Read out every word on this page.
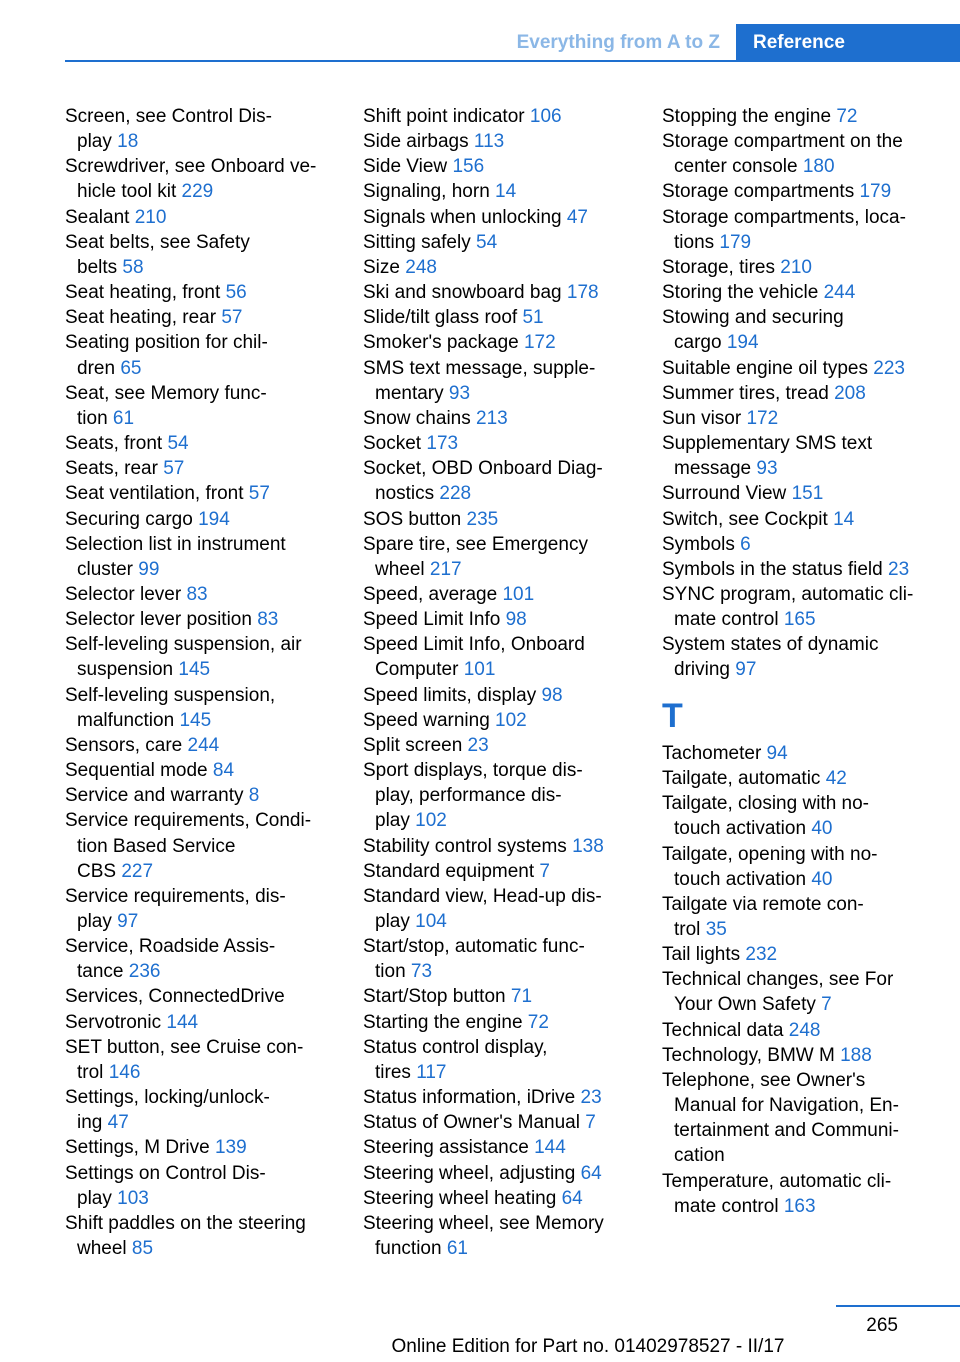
Everything from A to Z	Reference
Screen, see Control Dis-
play 18
Screwdriver, see Onboard ve-
hicle tool kit 229
Sealant 210
Seat belts, see Safety
belts 58
Seat heating, front 56
Seat heating, rear 57
Seating position for chil-
dren 65
Seat, see Memory func-
tion 61
Seats, front 54
Seats, rear 57
Seat ventilation, front 57
Securing cargo 194
Selection list in instrument
cluster 99
Selector lever 83
Selector lever position 83
Self-leveling suspension, air
suspension 145
Self-leveling suspension,
malfunction 145
Sensors, care 244
Sequential mode 84
Service and warranty 8
Service requirements, Condi-
tion Based Service
CBS 227
Service requirements, dis-
play 97
Service, Roadside Assis-
tance 236
Services, ConnectedDrive
Servotronic 144
SET button, see Cruise con-
trol 146
Settings, locking/unlock-
ing 47
Settings, M Drive 139
Settings on Control Dis-
play 103
Shift paddles on the steering
wheel 85
Shift point indicator 106
Side airbags 113
Side View 156
Signaling, horn 14
Signals when unlocking 47
Sitting safely 54
Size 248
Ski and snowboard bag 178
Slide/tilt glass roof 51
Smoker's package 172
SMS text message, supple-
mentary 93
Snow chains 213
Socket 173
Socket, OBD Onboard Diag-
nostics 228
SOS button 235
Spare tire, see Emergency
wheel 217
Speed, average 101
Speed Limit Info 98
Speed Limit Info, Onboard
Computer 101
Speed limits, display 98
Speed warning 102
Split screen 23
Sport displays, torque dis-
play, performance dis-
play 102
Stability control systems 138
Standard equipment 7
Standard view, Head-up dis-
play 104
Start/stop, automatic func-
tion 73
Start/Stop button 71
Starting the engine 72
Status control display,
tires 117
Status information, iDrive 23
Status of Owner's Manual 7
Steering assistance 144
Steering wheel, adjusting 64
Steering wheel heating 64
Steering wheel, see Memory
function 61
Stopping the engine 72
Storage compartment on the
center console 180
Storage compartments 179
Storage compartments, loca-
tions 179
Storage, tires 210
Storing the vehicle 244
Stowing and securing
cargo 194
Suitable engine oil types 223
Summer tires, tread 208
Sun visor 172
Supplementary SMS text
message 93
Surround View 151
Switch, see Cockpit 14
Symbols 6
Symbols in the status field 23
SYNC program, automatic cli-
mate control 165
System states of dynamic
driving 97
T
Tachometer 94
Tailgate, automatic 42
Tailgate, closing with no-
touch activation 40
Tailgate, opening with no-
touch activation 40
Tailgate via remote con-
trol 35
Tail lights 232
Technical changes, see For
Your Own Safety 7
Technical data 248
Technology, BMW M 188
Telephone, see Owner's
Manual for Navigation, En-
tertainment and Communi-
cation
Temperature, automatic cli-
mate control 163
265
Online Edition for Part no. 01402978527 - II/17
